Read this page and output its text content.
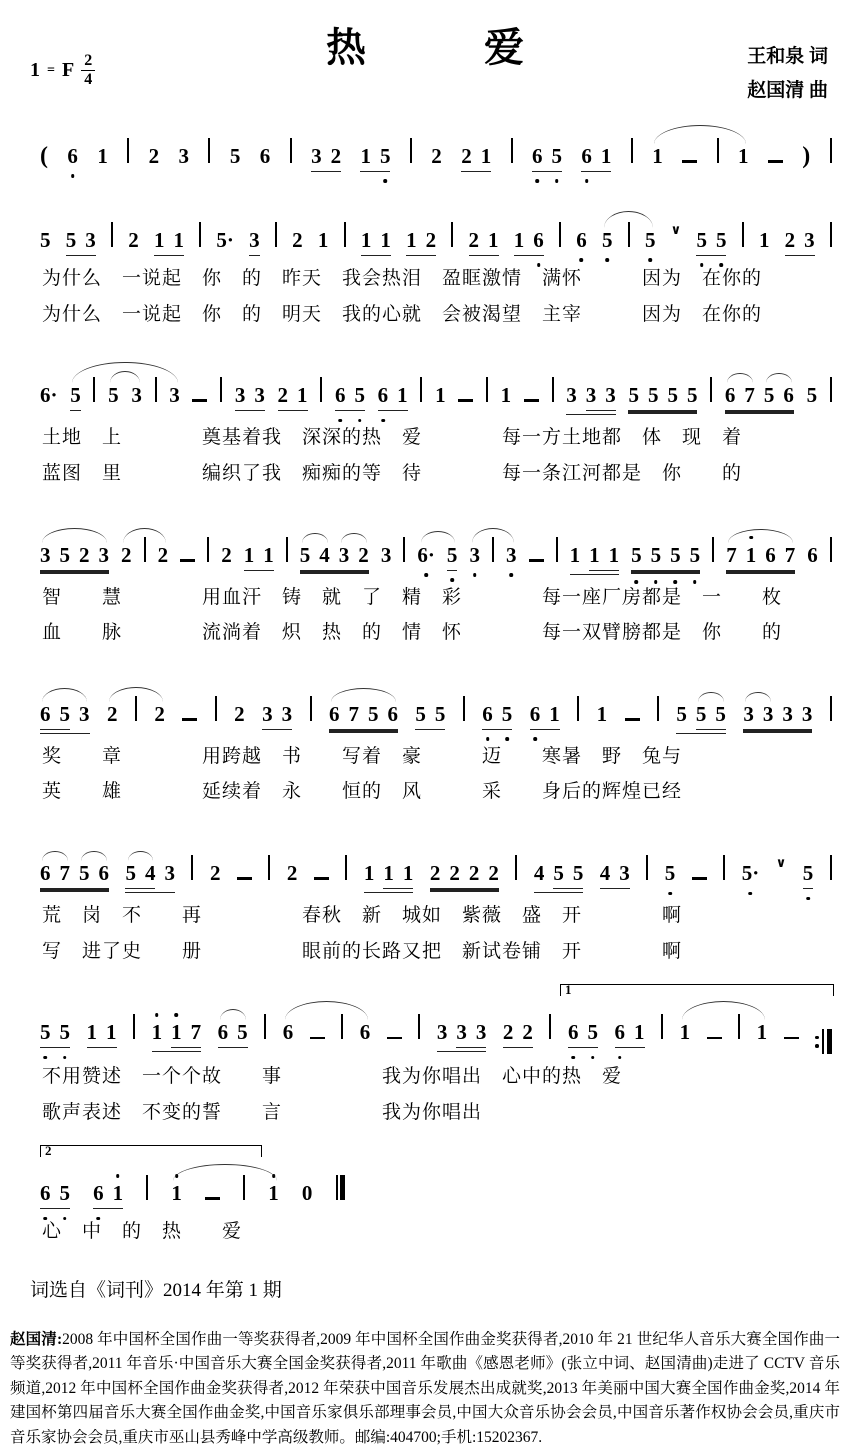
1 = F $\frac{2}{4}$
热爱	王和泉 词
赵国清 曲
( 6 1 2 3 5 6 3 2 1 5 2 2 1 6 5 6 1 1	1 )
5 5 3 2 1 1 5· 3 2 1 1 1 1 2 2 1 1 6 6 5 5 ∨ 5 5 1 2 3
为什么　一说起　你　的　昨天　我会热泪　盈眶激情　满怀　　　因为　在你的
为什么　一说起　你　的　明天　我的心就　会被渴望　主宰　　　因为　在你的
6· 5 5 3 3	3 3 2 1 6 5 6 1 1	1	3 3 3 5 5 5 5 6 7 5 6 5
土地　上　　　　奠基着我　深深的热　爱　　　　每一方土地都　体　现　着
蓝图　里　　　　编织了我　痴痴的等　待　　　　每一条江河都是　你　　的
3 5 2 3 2 2	2 1 1 5 4 3 2 3 6· 5 3 3	1 1 1 5 5 5 5 7 1 6 7 6
智　　慧　　　　用血汗　铸　就　了　精　彩　　　　每一座厂房都是　一　　枚
血　　脉　　　　流淌着　炽　热　的　情　怀　　　　每一双臂膀都是　你　　的
6 5 3 2 2	2 3 3 6 7 5 6 5 5 6 5 6 1 1	5 5 5 3 3 3 3
奖　　章　　　　用跨越　书　　写着　豪　　　迈　　寒暑　野　兔与
英　　雄　　　　延续着　永　　恒的　风　　　采　　身后的辉煌已经
6 7 5 6 5 4 3 2	2	1 1 1 2 2 2 2 4 5 5 4 3 5	5· ∨ 5
荒　岗　不　　再　　　　　春秋　新　城如　紫薇　盛　开　　　　啊
写　进了史　　册　　　　　眼前的长路又把　新试卷铺　开　　　　啊
5 5 1 1 1 1 7 6 5 6	6	3 3 3 2 2 6 5 6 1 1	1
$^1$
不用赞述　一个个故　　事　　　　　我为你唱出　心中的热　爱
歌声表述　不变的誓　　言　　　　　我为你唱出
6 5 6 1 1	1 0
$^2$
心　中　的　热　　爱
词选自《词刊》2014 年第 1 期
赵国清:2008 年中国杯全国作曲一等奖获得者,2009 年中国杯全国作曲金奖获得者,2010 年 21 世纪华人音乐大赛全国作曲一等奖获得者,2011 年音乐·中国音乐大赛全国金奖获得者,2011 年歌曲《感恩老师》(张立中词、赵国清曲)走进了 CCTV 音乐频道,2012 年中国杯全国作曲金奖获得者,2012 年荣获中国音乐发展杰出成就奖,2013 年美丽中国大赛全国作曲金奖,2014 年建国杯第四届音乐大赛全国作曲金奖,中国音乐家俱乐部理事会员,中国大众音乐协会会员,中国音乐著作权协会会员,重庆市音乐家协会会员,重庆市巫山县秀峰中学高级教师。邮编:404700;手机:15202367.
